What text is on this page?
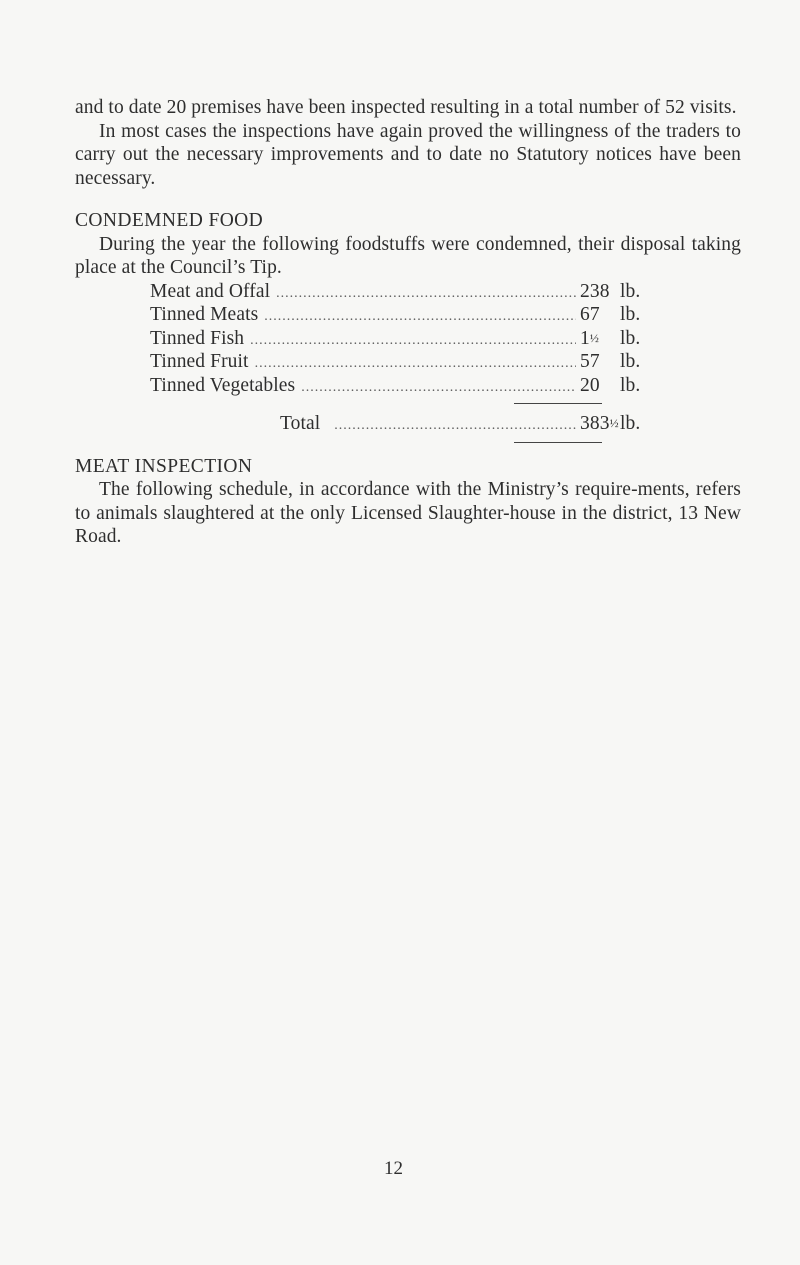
and to date 20 premises have been inspected resulting in a total number of 52 visits.

In most cases the inspections have again proved the willingness of the traders to carry out the necessary improvements and to date no Statutory notices have been necessary.

CONDEMNED FOOD

During the year the following foodstuffs were condemned, their disposal taking place at the Council’s Tip.

Meat and Offal .....	238 lb.
Tinned Meats .....	67	lb.
Tinned Fish .....	1½	lb.
Tinned Fruit .....	57	lb.
Tinned Vegetables .....	20	lb.
Total .....	383½ lb.

MEAT INSPECTION

The following schedule, in accordance with the Ministry’s require-ments, refers to animals slaughtered at the only Licensed Slaughter-house in the district, 13 New Road.

12
